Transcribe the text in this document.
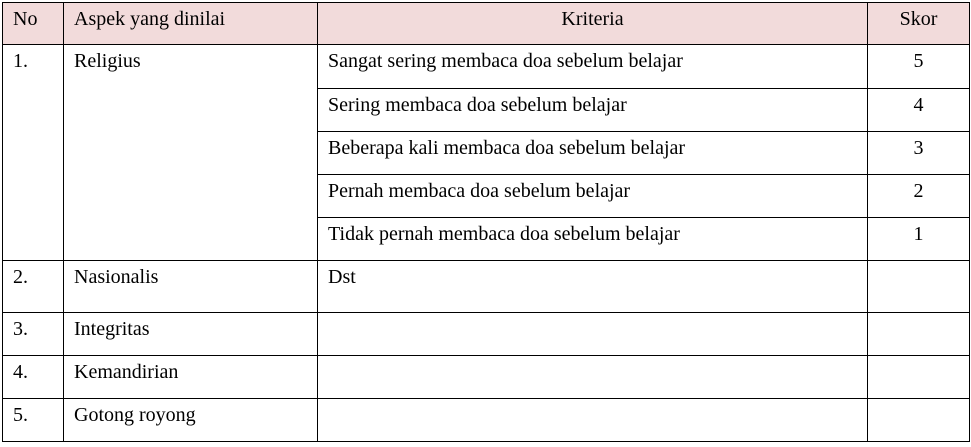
No	Aspek yang dinilai	Kriteria	Skor
1.	Religius	Sangat sering membaca doa sebelum belajar	5
		Sering membaca doa sebelum belajar	4
		Beberapa kali membaca doa sebelum belajar	3
		Pernah membaca doa sebelum belajar	2
		Tidak pernah membaca doa sebelum belajar	1
2.	Nasionalis	Dst	
3.	Integritas		
4.	Kemandirian		
5.	Gotong royong		
